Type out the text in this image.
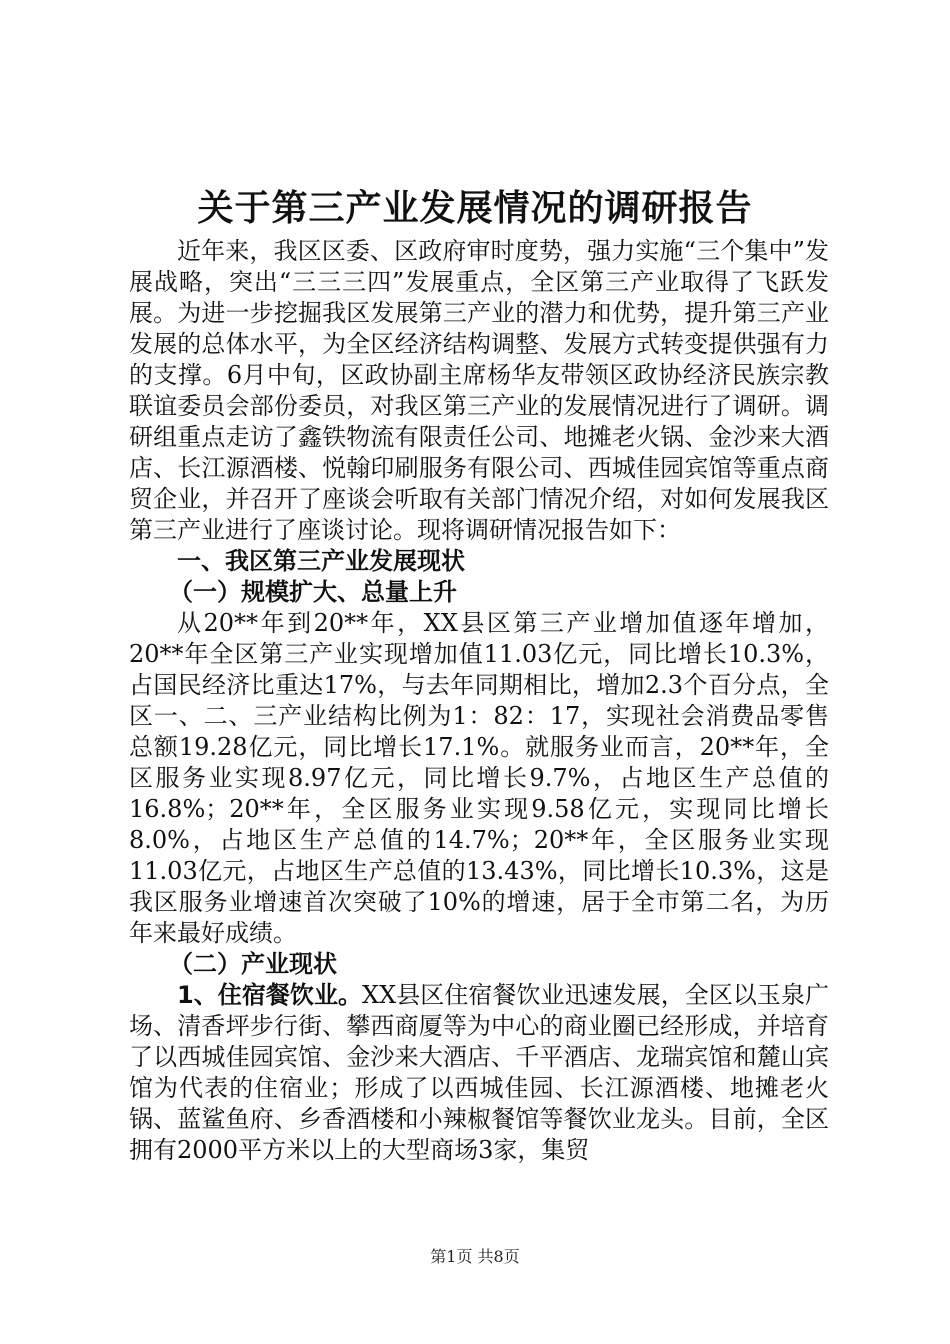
关于第三产业发展情况的调研报告

近年来，我区区委、区政府审时度势，强力实施“三个集中”发展战略，突出“三三三四”发展重点，全区第三产业取得了飞跃发展。为进一步挖掘我区发展第三产业的潜力和优势，提升第三产业发展的总体水平，为全区经济结构调整、发展方式转变提供强有力的支撑。6月中旬，区政协副主席杨华友带领区政协经济民族宗教联谊委员会部份委员，对我区第三产业的发展情况进行了调研。调研组重点走访了鑫铁物流有限责任公司、地摊老火锅、金沙来大酒店、长江源酒楼、悦翰印刷服务有限公司、西城佳园宾馆等重点商贸企业，并召开了座谈会听取有关部门情况介绍，对如何发展我区第三产业进行了座谈讨论。现将调研情况报告如下：

一、我区第三产业发展现状

（一）规模扩大、总量上升

从20**年到20**年，XX县区第三产业增加值逐年增加，20**年全区第三产业实现增加值11.03亿元，同比增长10.3%，占国民经济比重达17%，与去年同期相比，增加2.3个百分点，全区一、二、三产业结构比例为1：82：17，实现社会消费品零售总额19.28亿元，同比增长17.1%。就服务业而言，20**年，全区服务业实现8.97亿元，同比增长9.7%，占地区生产总值的16.8%；20**年，全区服务业实现9.58亿元，实现同比增长8.0%，占地区生产总值的14.7%；20**年，全区服务业实现11.03亿元，占地区生产总值的13.43%，同比增长10.3%，这是我区服务业增速首次突破了10%的增速，居于全市第二名，为历年来最好成绩。

（二）产业现状

1、住宿餐饮业。XX县区住宿餐饮业迅速发展，全区以玉泉广场、清香坪步行街、攀西商厦等为中心的商业圈已经形成，并培育了以西城佳园宾馆、金沙来大酒店、千平酒店、龙瑞宾馆和麓山宾馆为代表的住宿业；形成了以西城佳园、长江源酒楼、地摊老火锅、蓝鲨鱼府、乡香酒楼和小辣椒餐馆等餐饮业龙头。目前，全区拥有2000平方米以上的大型商场3家，集贸

第1页 共8页
